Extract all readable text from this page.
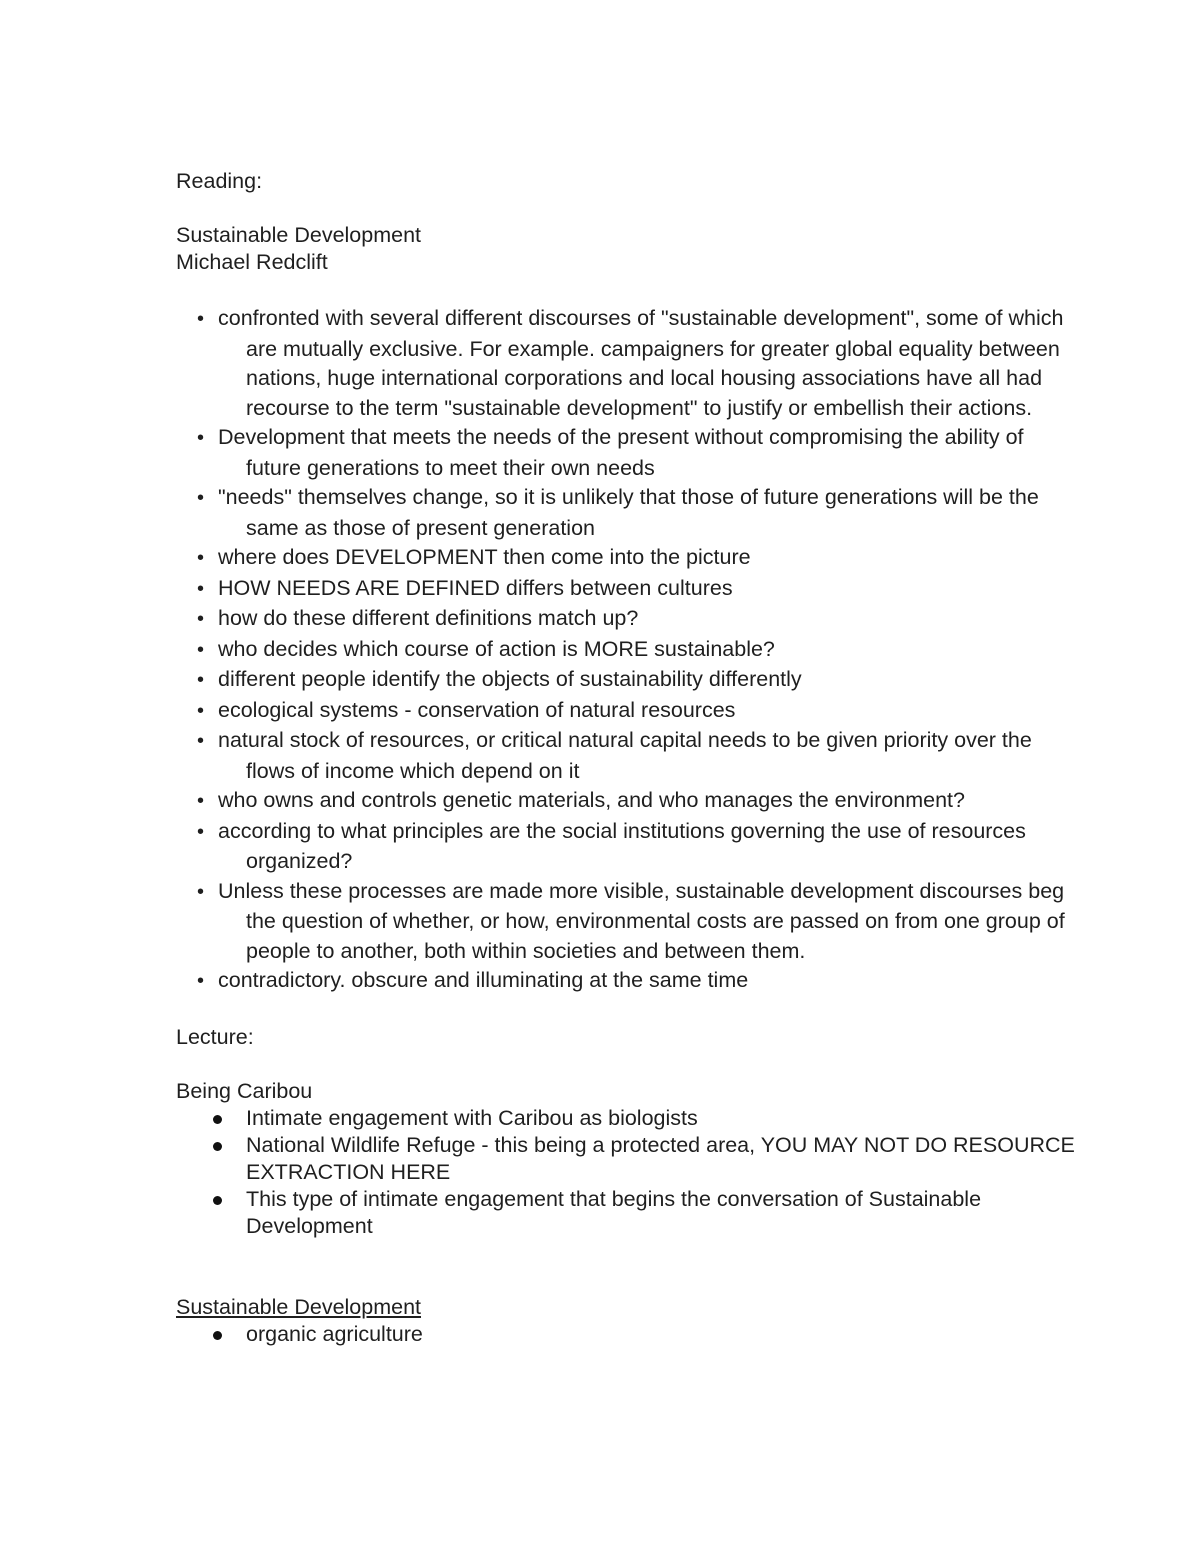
Reading:
Sustainable Development
Michael Redclift
• confronted with several different discourses of "sustainable development", some of which are mutually exclusive. For example. campaigners for greater global equality between nations, huge international corporations and local housing associations have all had recourse to the term "sustainable development" to justify or embellish their actions.
• Development that meets the needs of the present without compromising the ability of future generations to meet their own needs
• "needs" themselves change, so it is unlikely that those of future generations will be the same as those of present generation
• where does DEVELOPMENT then come into the picture
• HOW NEEDS ARE DEFINED differs between cultures
• how do these different definitions match up?
• who decides which course of action is MORE sustainable?
• different people identify the objects of sustainability differently
• ecological systems - conservation of natural resources
• natural stock of resources, or critical natural capital needs to be given priority over the flows of income which depend on it
• who owns and controls genetic materials, and who manages the environment?
• according to what principles are the social institutions governing the use of resources organized?
• Unless these processes are made more visible, sustainable development discourses beg the question of whether, or how, environmental costs are passed on from one group of people to another, both within societies and between them.
• contradictory. obscure and illuminating at the same time
Lecture:
Being Caribou
Intimate engagement with Caribou as biologists
National Wildlife Refuge - this being a protected area, YOU MAY NOT DO RESOURCE EXTRACTION HERE
This type of intimate engagement that begins the conversation of Sustainable Development
Sustainable Development
organic agriculture
